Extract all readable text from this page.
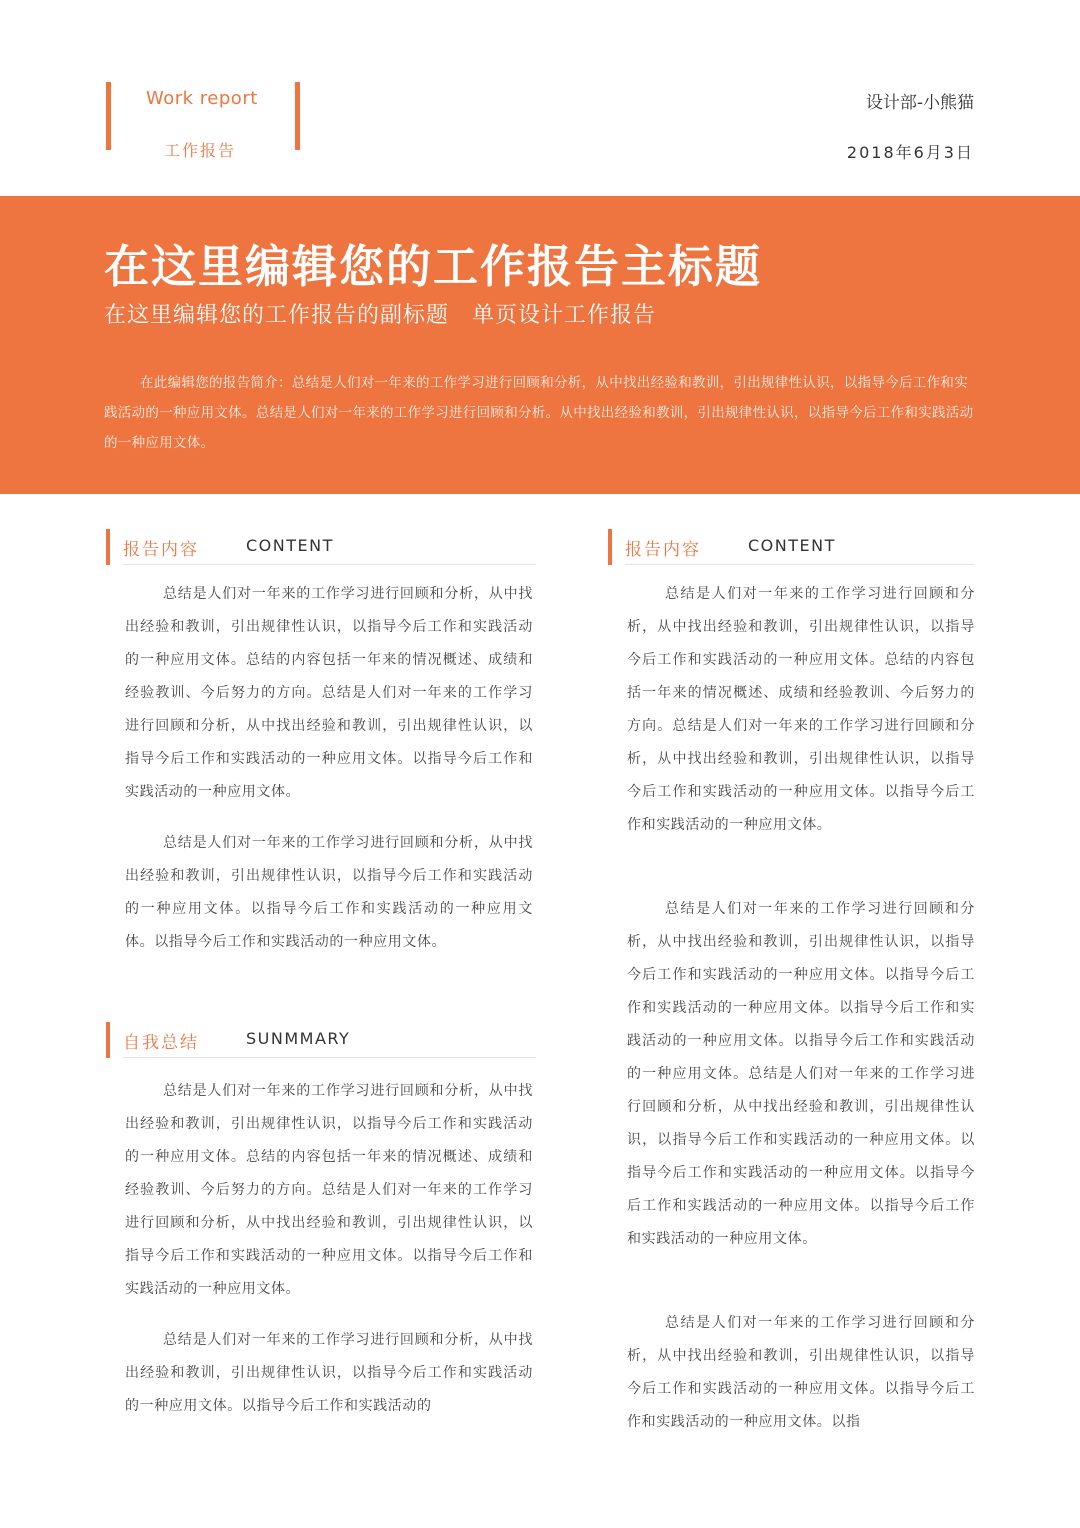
Work report
工作报告
设计部-小熊猫
2018年6月3日
在这里编辑您的工作报告主标题
在这里编辑您的工作报告的副标题　单页设计工作报告
在此编辑您的报告简介：总结是人们对一年来的工作学习进行回顾和分析，从中找出经验和教训，引出规律性认识，以指导今后工作和实践活动的一种应用文体。总结是人们对一年来的工作学习进行回顾和分析。从中找出经验和教训，引出规律性认识，以指导今后工作和实践活动的一种应用文体。
报告内容	CONTENT
总结是人们对一年来的工作学习进行回顾和分析，从中找出经验和教训，引出规律性认识，以指导今后工作和实践活动的一种应用文体。总结的内容包括一年来的情况概述、成绩和经验教训、今后努力的方向。总结是人们对一年来的工作学习进行回顾和分析，从中找出经验和教训，引出规律性认识，以指导今后工作和实践活动的一种应用文体。以指导今后工作和实践活动的一种应用文体。
总结是人们对一年来的工作学习进行回顾和分析，从中找出经验和教训，引出规律性认识，以指导今后工作和实践活动的一种应用文体。以指导今后工作和实践活动的一种应用文体。以指导今后工作和实践活动的一种应用文体。
自我总结	SUNMMARY
总结是人们对一年来的工作学习进行回顾和分析，从中找出经验和教训，引出规律性认识，以指导今后工作和实践活动的一种应用文体。总结的内容包括一年来的情况概述、成绩和经验教训、今后努力的方向。总结是人们对一年来的工作学习进行回顾和分析，从中找出经验和教训，引出规律性认识，以指导今后工作和实践活动的一种应用文体。以指导今后工作和实践活动的一种应用文体。
总结是人们对一年来的工作学习进行回顾和分析，从中找出经验和教训，引出规律性认识，以指导今后工作和实践活动的一种应用文体。以指导今后工作和实践活动的
报告内容	CONTENT
总结是人们对一年来的工作学习进行回顾和分析，从中找出经验和教训，引出规律性认识，以指导今后工作和实践活动的一种应用文体。总结的内容包括一年来的情况概述、成绩和经验教训、今后努力的方向。总结是人们对一年来的工作学习进行回顾和分析，从中找出经验和教训，引出规律性认识，以指导今后工作和实践活动的一种应用文体。以指导今后工作和实践活动的一种应用文体。
总结是人们对一年来的工作学习进行回顾和分析，从中找出经验和教训，引出规律性认识，以指导今后工作和实践活动的一种应用文体。以指导今后工作和实践活动的一种应用文体。以指导今后工作和实践活动的一种应用文体。以指导今后工作和实践活动的一种应用文体。总结是人们对一年来的工作学习进行回顾和分析，从中找出经验和教训，引出规律性认识，以指导今后工作和实践活动的一种应用文体。以指导今后工作和实践活动的一种应用文体。以指导今后工作和实践活动的一种应用文体。以指导今后工作和实践活动的一种应用文体。
总结是人们对一年来的工作学习进行回顾和分析，从中找出经验和教训，引出规律性认识，以指导今后工作和实践活动的一种应用文体。以指导今后工作和实践活动的一种应用文体。以指
